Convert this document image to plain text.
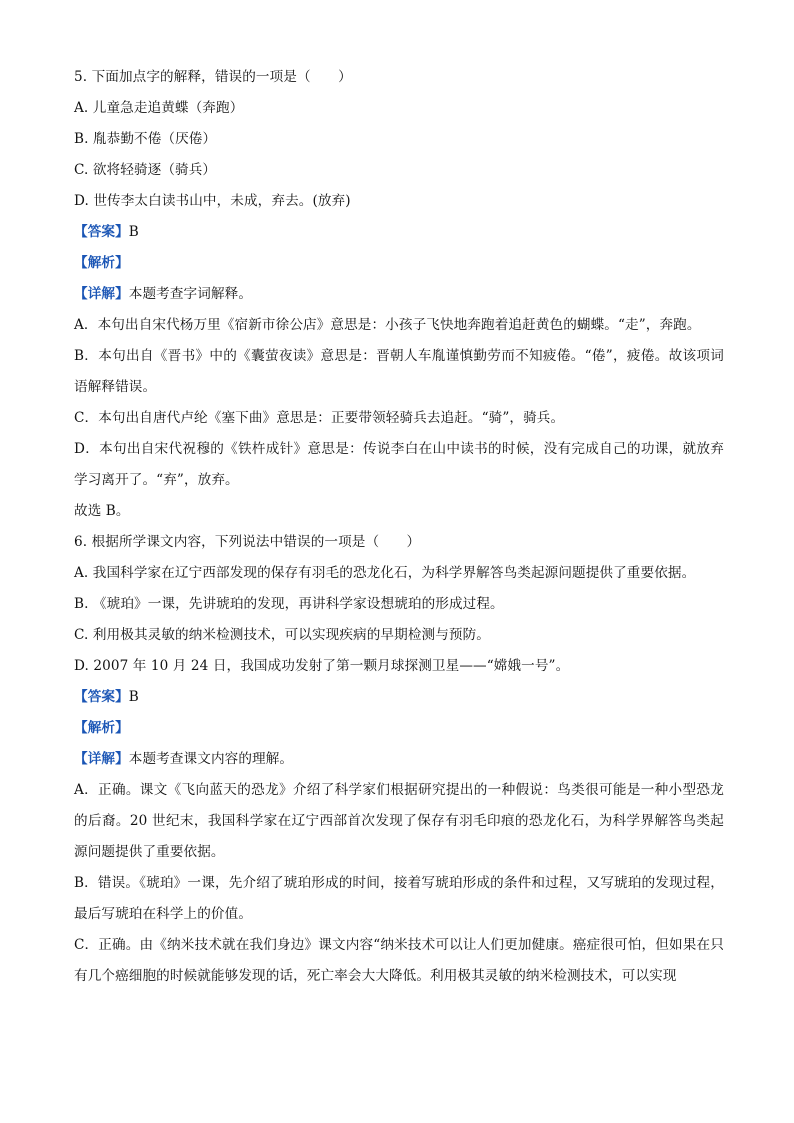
5. 下面加点字的解释，错误的一项是（　　）
A. 儿童急走追黄蝶（奔跑）
B. 胤恭勤不倦（厌倦）
C. 欲将轻骑逐（骑兵）
D. 世传李太白读书山中，未成，弃去。(放弃)
【答案】B
【解析】
【详解】本题考查字词解释。
A．本句出自宋代杨万里《宿新市徐公店》意思是：小孩子飞快地奔跑着追赶黄色的蝴蝶。“走”，奔跑。
B．本句出自《晋书》中的《囊萤夜读》意思是：晋朝人车胤谨慎勤劳而不知疲倦。“倦”，疲倦。故该项词语解释错误。
C．本句出自唐代卢纶《塞下曲》意思是：正要带领轻骑兵去追赶。“骑”，骑兵。
D．本句出自宋代祝穆的《铁杵成针》意思是：传说李白在山中读书的时候，没有完成自己的功课，就放弃学习离开了。“弃”，放弃。
故选 B。
6. 根据所学课文内容，下列说法中错误的一项是（　　）
A. 我国科学家在辽宁西部发现的保存有羽毛的恐龙化石，为科学界解答鸟类起源问题提供了重要依据。
B. 《琥珀》一课，先讲琥珀的发现，再讲科学家设想琥珀的形成过程。
C. 利用极其灵敏的纳米检测技术，可以实现疾病的早期检测与预防。
D. 2007 年 10 月 24 日，我国成功发射了第一颗月球探测卫星——“嫦娥一号”。
【答案】B
【解析】
【详解】本题考查课文内容的理解。
A．正确。课文《飞向蓝天的恐龙》介绍了科学家们根据研究提出的一种假说：鸟类很可能是一种小型恐龙的后裔。20 世纪末，我国科学家在辽宁西部首次发现了保存有羽毛印痕的恐龙化石，为科学界解答鸟类起源问题提供了重要依据。
B．错误。《琥珀》一课，先介绍了琥珀形成的时间，接着写琥珀形成的条件和过程，又写琥珀的发现过程，最后写琥珀在科学上的价值。
C．正确。由《纳米技术就在我们身边》课文内容“纳米技术可以让人们更加健康。癌症很可怕，但如果在只有几个癌细胞的时候就能够发现的话，死亡率会大大降低。利用极其灵敏的纳米检测技术，可以实现
